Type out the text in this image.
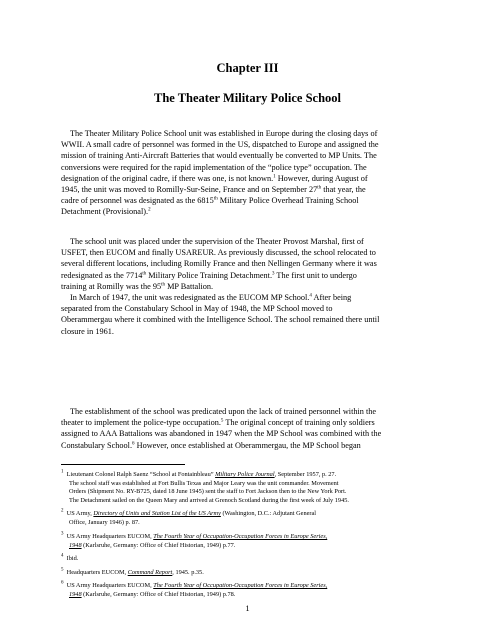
Chapter III
The Theater Military Police School
The Theater Military Police School unit was established in Europe during the closing days of
WWII. A small cadre of personnel was formed in the US, dispatched to Europe and assigned the
mission of training Anti-Aircraft Batteries that would eventually be converted to MP Units. The
conversions were required for the rapid implementation of the “police type” occupation. The
designation of the original cadre, if there was one, is not known.$^1$ However, during August of
1945, the unit was moved to Romilly-Sur-Seine, France and on September 27th that year, the
cadre of personnel was designated as the 6815th Military Police Overhead Training School
Detachment (Provisional).$^2$
The school unit was placed under the supervision of the Theater Provost Marshal, first of
USFET, then EUCOM and finally USAREUR. As previously discussed, the school relocated to
several different locations, including Romilly France and then Nellingen Germany where it was
redesignated as the 7714th Military Police Training Detachment.$^3$ The first unit to undergo
training at Romilly was the 95th MP Battalion.
In March of 1947, the unit was redesignated as the EUCOM MP School.$^4$ After being
separated from the Constabulary School in May of 1948, the MP School moved to
Oberammergau where it combined with the Intelligence School. The school remained there until
closure in 1961.
The establishment of the school was predicated upon the lack of trained personnel within the
theater to implement the police-type occupation.$^5$ The original concept of training only soldiers
assigned to AAA Battalions was abandoned in 1947 when the MP School was combined with the
Constabulary School.$^6$ However, once established at Oberammergau, the MP School began
$^1$ Lieutenant Colonel Ralph Saenz “School at Fontainbleau” Military Police Journal, September 1957, p. 27.
The school staff was established at Fort Bullis Texas and Major Leary was the unit commander. Movement
Orders (Shipment No. RY-B725, dated 18 June 1945) sent the staff to Fort Jackson then to the New York Port.
The Detachment sailed on the Queen Mary and arrived at Grenoch Scotland during the first week of July 1945.
$^2$ US Army, Directory of Units and Station List of the US Army (Washington, D.C.: Adjutant General
Office, January 1946) p. 87.
$^3$ US Army Headquarters EUCOM, The Fourth Year of Occupation-Occupation Forces in Europe Series,
1948 (Karlsruhe, Germany: Office of Chief Historian, 1949) p.77.
$^4$ Ibid.
$^5$ Headquarters EUCOM, Command Report, 1945. p.35.
$^6$ US Army Headquarters EUCOM, The Fourth Year of Occupation-Occupation Forces in Europe Series,
1948 (Karlsruhe, Germany: Office of Chief Historian, 1949) p.78.
1
